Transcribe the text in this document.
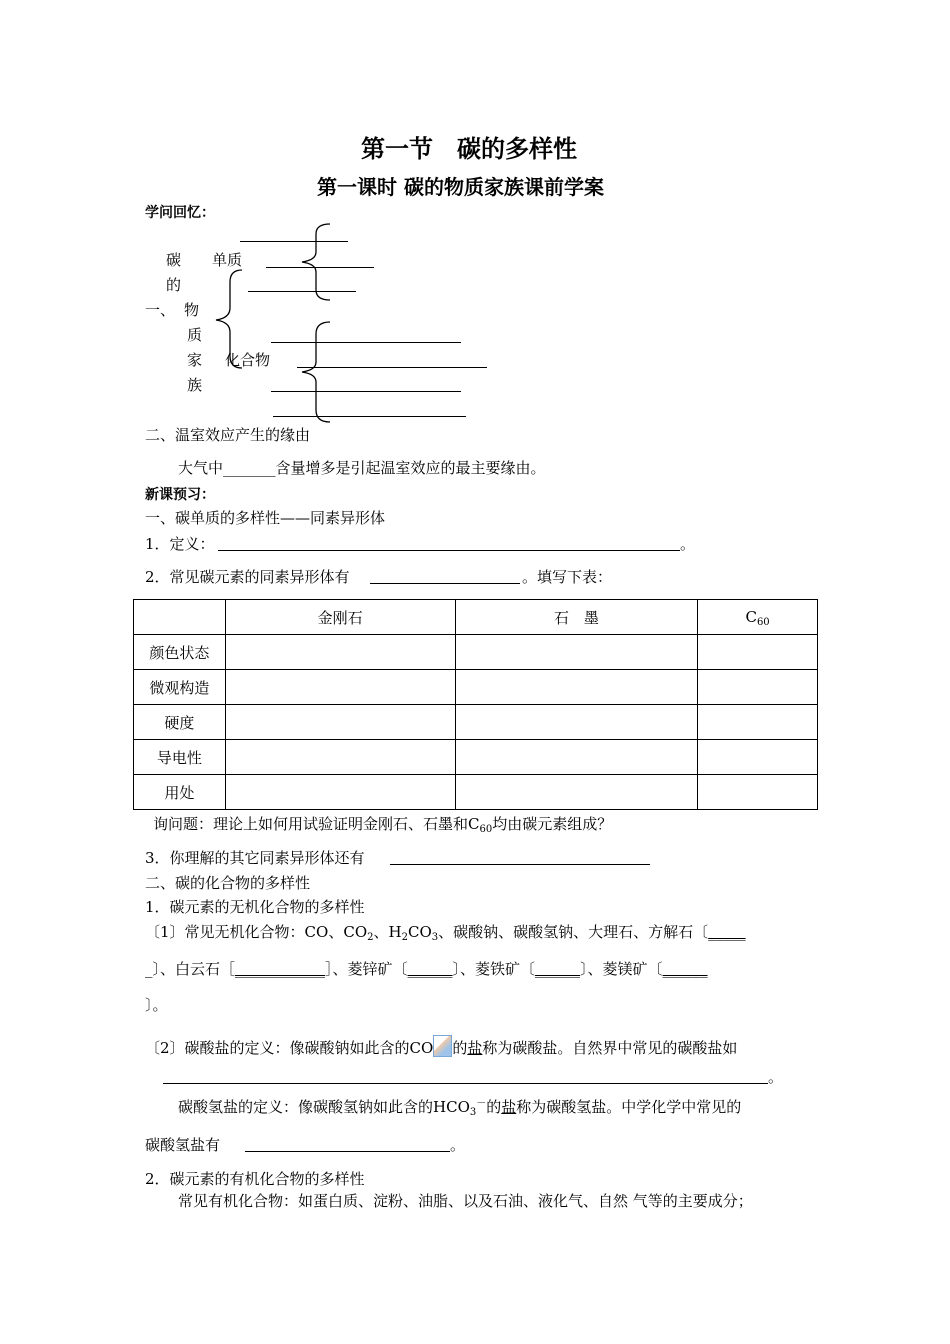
第一节　碳的多样性
第一课时 碳的物质家族课前学案
学问回忆：
碳 单质
的
一、 物
质
家 化合物
族
二、温室效应产生的缘由
大气中_______含量增多是引起温室效应的最主要缘由。
新课预习：
一、碳单质的多样性——同素异形体
1．定义：	。
2．常见碳元素的同素异形体有	。填写下表：
	金刚石	石　墨	$C_{60}$
颜色状态			
微观构造			
硬度			
导电性			
用处			
询问题：理论上如何用试验证明金刚石、石墨和$C_{60}$均由碳元素组成？
3．你理解的其它同素异形体还有
二、碳的化合物的多样性
1．碳元素的无机化合物的多样性
〔1〕常见无机化合物：CO、$CO_2$、$H_2CO_3$、碳酸钠、碳酸氢钠、大理石、方解石〔_____
_〕、白云石［____________］、菱锌矿〔______〕、菱铁矿〔______〕、菱镁矿〔______
〕。
〔2〕碳酸盐的定义：像碳酸钠如此含的CO 的盐称为碳酸盐。自然界中常见的碳酸盐如
。
碳酸氢盐的定义：像碳酸氢钠如此含的$HCO_3^-$的盐称为碳酸氢盐。中学化学中常见的
碳酸氢盐有	。
2．碳元素的有机化合物的多样性
常见有机化合物：如蛋白质、淀粉、油脂、以及石油、液化气、自然 气等的主要成分；
